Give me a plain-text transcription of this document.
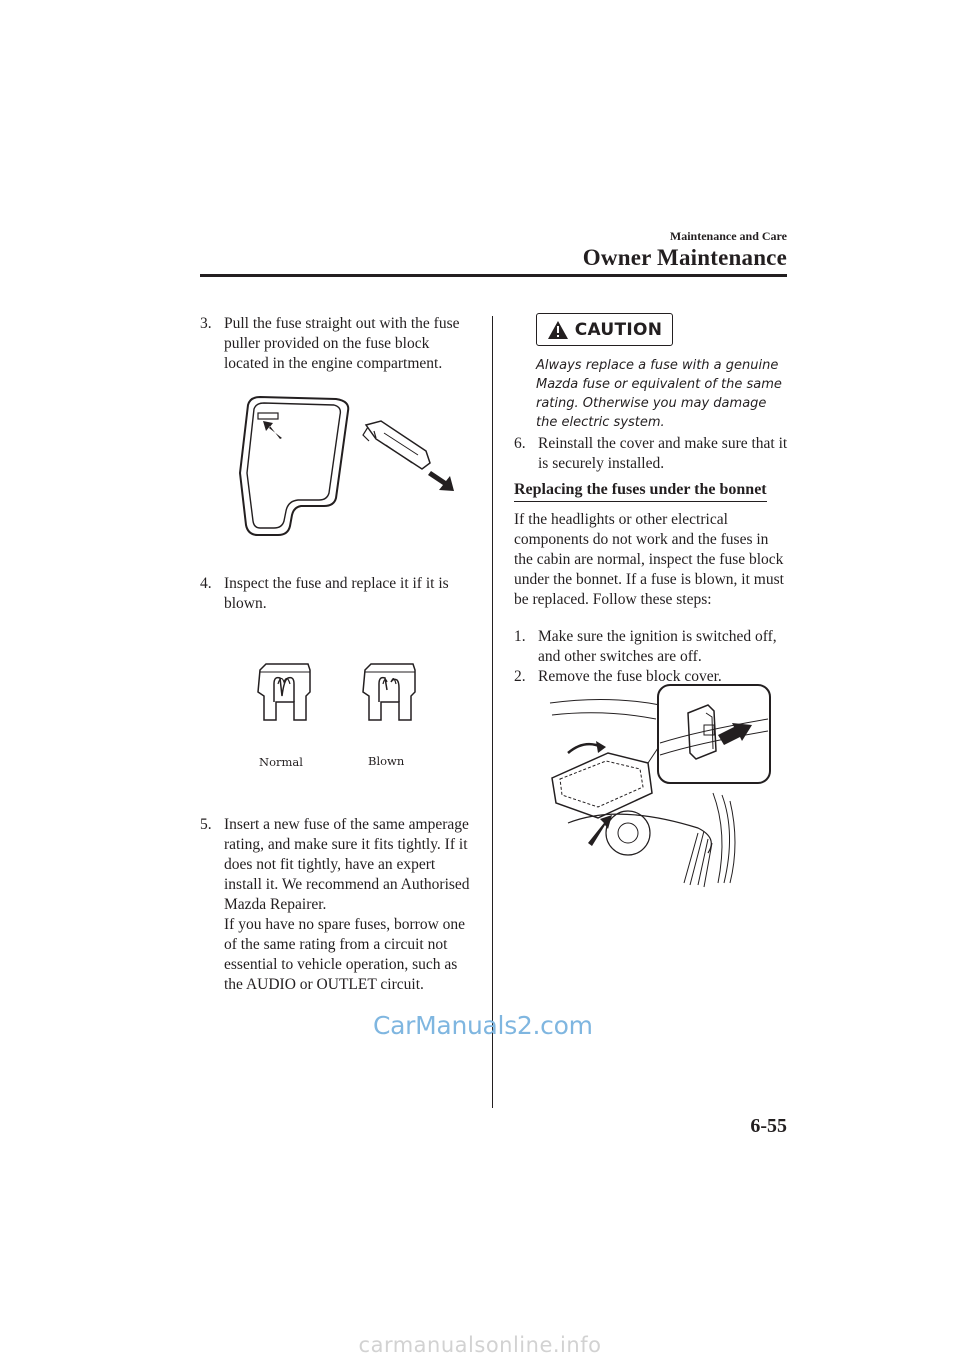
Maintenance and Care
Owner Maintenance
3. Pull the fuse straight out with the fuse puller provided on the fuse block located in the engine compartment.
4. Inspect the fuse and replace it if it is blown.
Normal	Blown
5. Insert a new fuse of the same amperage rating, and make sure it fits tightly. If it does not fit tightly, have an expert install it. We recommend an Authorised Mazda Repairer.
If you have no spare fuses, borrow one of the same rating from a circuit not essential to vehicle operation, such as the AUDIO or OUTLET circuit.
CAUTION
Always replace a fuse with a genuine Mazda fuse or equivalent of the same rating. Otherwise you may damage the electric system.
6. Reinstall the cover and make sure that it is securely installed.
Replacing the fuses under the bonnet
If the headlights or other electrical components do not work and the fuses in the cabin are normal, inspect the fuse block under the bonnet. If a fuse is blown, it must be replaced. Follow these steps:
1. Make sure the ignition is switched off, and other switches are off.
2. Remove the fuse block cover.
6-55
CarManuals2.com
carmanualsonline.info
